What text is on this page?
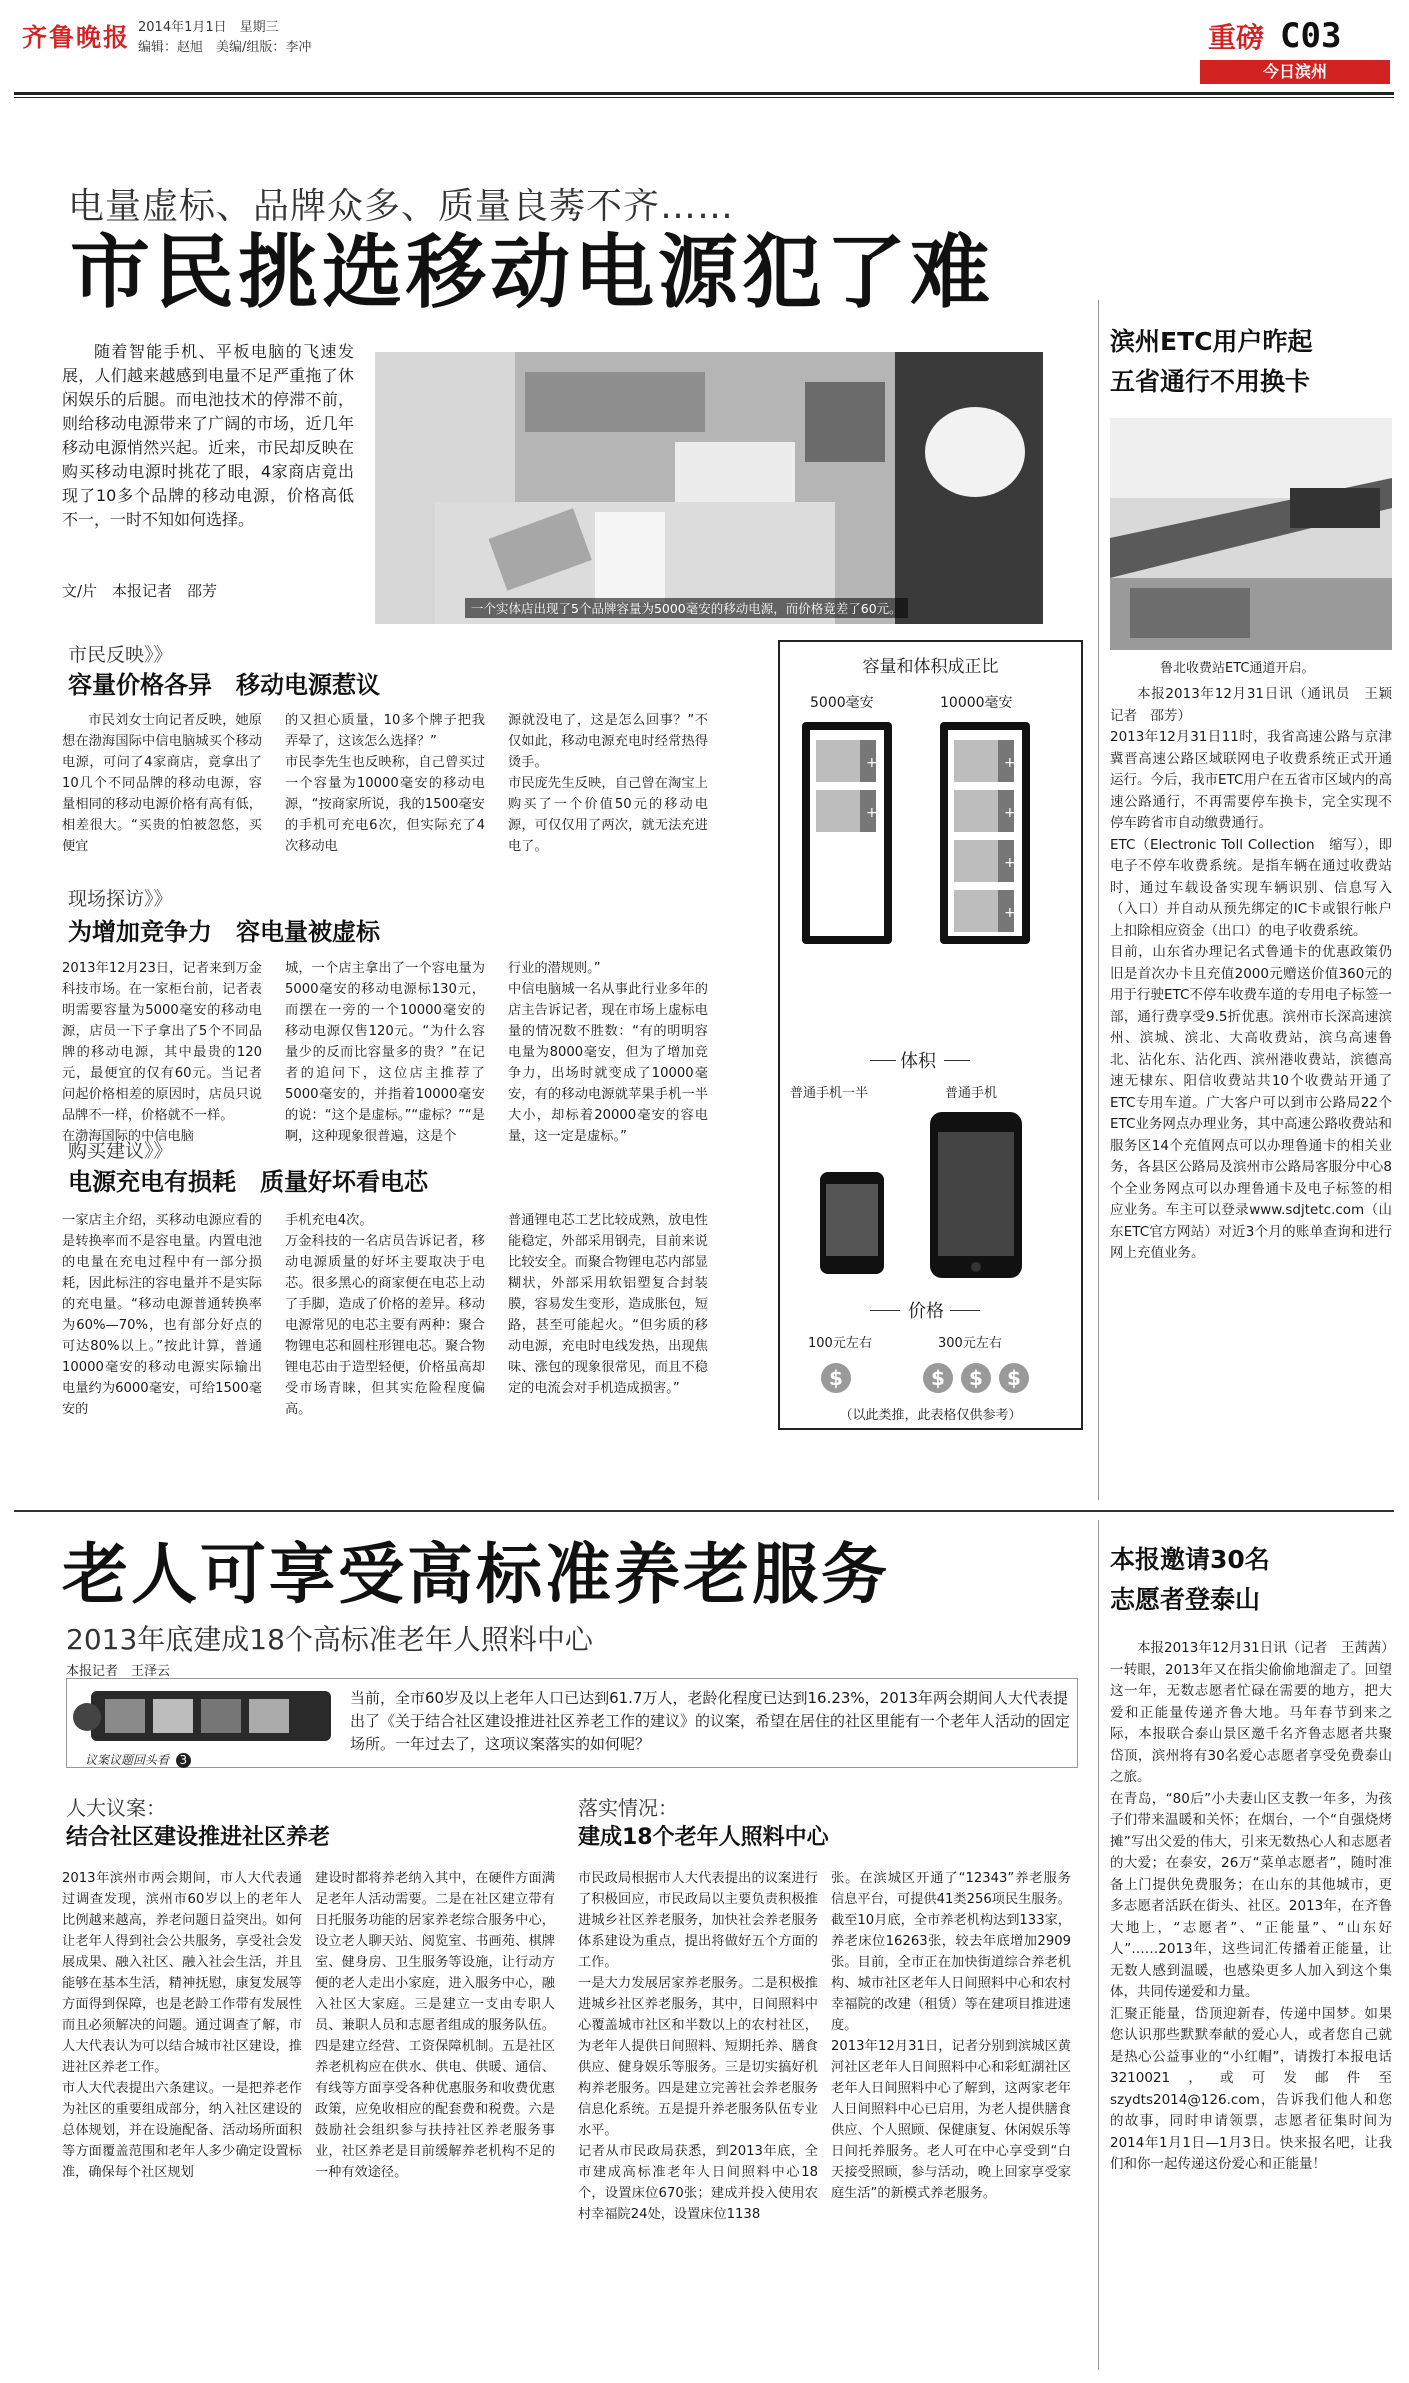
齐鲁晚报 2014年1月1日　星期三
编辑：赵旭　美编/组版：李冲	重磅 C03
今日滨州
电量虚标、品牌众多、质量良莠不齐……
市民挑选移动电源犯了难

随着智能手机、平板电脑的飞速发展，人们越来越感到电量不足严重拖了休闲娱乐的后腿。而电池技术的停滞不前，则给移动电源带来了广阔的市场，近几年移动电源悄然兴起。近来，市民却反映在购买移动电源时挑花了眼，4家商店竟出现了10多个品牌的移动电源，价格高低不一，一时不知如何选择。

文/片　本报记者　邵芳
一个实体店出现了5个品牌容量为5000毫安的移动电源，而价格竟差了60元。
市民反映》》
容量价格各异　移动电源惹议

市民刘女士向记者反映，她原想在渤海国际中信电脑城买个移动电源，可问了4家商店，竟拿出了10几个不同品牌的移动电源，容量相同的移动电源价格有高有低，相差很大。“买贵的怕被忽悠，买便宜

的又担心质量，10多个牌子把我弄晕了，这该怎么选择？”
市民李先生也反映称，自己曾买过一个容量为10000毫安的移动电源，“按商家所说，我的1500毫安的手机可充电6次，但实际充了4次移动电
源就没电了，这是怎么回事？”不仅如此，移动电源充电时经常热得烫手。
市民庞先生反映，自己曾在淘宝上购买了一个价值50元的移动电源，可仅仅用了两次，就无法充进电了。
现场探访》》
为增加竞争力　容电量被虚标
2013年12月23日，记者来到万金科技市场。在一家柜台前，记者表明需要容量为5000毫安的移动电源，店员一下子拿出了5个不同品牌的移动电源，其中最贵的120元，最便宜的仅有60元。当记者问起价格相差的原因时，店员只说品牌不一样，价格就不一样。
在渤海国际的中信电脑
城，一个店主拿出了一个容电量为5000毫安的移动电源标130元，而摆在一旁的一个10000毫安的移动电源仅售120元。“为什么容量少的反而比容量多的贵？”在记者的追问下，这位店主推荐了5000毫安的，并指着10000毫安的说：“这个是虚标。”“虚标？”“是啊，这种现象很普遍，这是个
行业的潜规则。”
中信电脑城一名从事此行业多年的店主告诉记者，现在市场上虚标电量的情况数不胜数：“有的明明容电量为8000毫安，但为了增加竞争力，出场时就变成了10000毫安，有的移动电源就苹果手机一半大小，却标着20000毫安的容电量，这一定是虚标。”
购买建议》》
电源充电有损耗　质量好坏看电芯
一家店主介绍，买移动电源应看的是转换率而不是容电量。内置电池的电量在充电过程中有一部分损耗，因此标注的容电量并不是实际的充电量。“移动电源普通转换率为60%—70%，也有部分好点的可达80%以上。”按此计算，普通10000毫安的移动电源实际输出电量约为6000毫安，可给1500毫安的
手机充电4次。
万金科技的一名店员告诉记者，移动电源质量的好坏主要取决于电芯。很多黑心的商家便在电芯上动了手脚，造成了价格的差异。移动电源常见的电芯主要有两种：聚合物锂电芯和圆柱形锂电芯。聚合物锂电芯由于造型轻便，价格虽高却受市场青睐，但其实危险程度偏高。
普通锂电芯工艺比较成熟，放电性能稳定，外部采用钢壳，目前来说比较安全。而聚合物锂电芯内部显糊状，外部采用软铝塑复合封装膜，容易发生变形，造成胀包，短路，甚至可能起火。“但劣质的移动电源，充电时电线发热，出现焦味、涨包的现象很常见，而且不稳定的电流会对手机造成损害。”
容量和体积成正比
5000毫安	10000毫安
+
+
+
+
+
+
体积
普通手机一半	普通手机
价格
100元左右	300元左右
$	$ $ $
（以此类推，此表格仅供参考）
滨州ETC用户昨起
五省通行不用换卡
鲁北收费站ETC通道开启。

本报2013年12月31日讯（通讯员　王颖　记者　邵芳）

2013年12月31日11时，我省高速公路与京津冀晋高速公路区域联网电子收费系统正式开通运行。今后，我市ETC用户在五省市区域内的高速公路通行，不再需要停车换卡，完全实现不停车跨省市自动缴费通行。
ETC（Electronic Toll Collection　缩写），即电子不停车收费系统。是指车辆在通过收费站时，通过车载设备实现车辆识别、信息写入（入口）并自动从预先绑定的IC卡或银行帐户上扣除相应资金（出口）的电子收费系统。
目前，山东省办理记名式鲁通卡的优惠政策仍旧是首次办卡且充值2000元赠送价值360元的用于行驶ETC不停车收费车道的专用电子标签一部，通行费享受9.5折优惠。滨州市长深高速滨州、滨城、滨北、大高收费站，滨乌高速鲁北、沾化东、沾化西、滨州港收费站，滨德高速无棣东、阳信收费站共10个收费站开通了ETC专用车道。广大客户可以到市公路局22个ETC业务网点办理业务，其中高速公路收费站和服务区14个充值网点可以办理鲁通卡的相关业务，各县区公路局及滨州市公路局客服分中心8个全业务网点可以办理鲁通卡及电子标签的相应业务。车主可以登录www.sdjtetc.com（山东ETC官方网站）对近3个月的账单查询和进行网上充值业务。
老人可享受高标准养老服务
2013年底建成18个高标准老年人照料中心
本报记者　王泽云
议案议题回头看 3
当前，全市60岁及以上老年人口已达到61.7万人，老龄化程度已达到16.23%，2013年两会期间人大代表提出了《关于结合社区建设推进社区养老工作的建议》的议案，希望在居住的社区里能有一个老年人活动的固定场所。一年过去了，这项议案落实的如何呢？
人大议案：
结合社区建设推进社区养老
2013年滨州市两会期间，市人大代表通过调查发现，滨州市60岁以上的老年人比例越来越高，养老问题日益突出。如何让老年人得到社会公共服务，享受社会发展成果、融入社区、融入社会生活，并且能够在基本生活，精神抚慰，康复发展等方面得到保障，也是老龄工作带有发展性而且必须解决的问题。通过调查了解，市人大代表认为可以结合城市社区建设，推进社区养老工作。
市人大代表提出六条建议。一是把养老作为社区的重要组成部分，纳入社区建设的总体规划，并在设施配备、活动场所面积等方面覆盖范围和老年人多少确定设置标准，确保每个社区规划
建设时都将养老纳入其中，在硬件方面满足老年人活动需要。二是在社区建立带有日托服务功能的居家养老综合服务中心，设立老人聊天站、阅览室、书画苑、棋牌室、健身房、卫生服务等设施，让行动方便的老人走出小家庭，进入服务中心，融入社区大家庭。三是建立一支由专职人员、兼职人员和志愿者组成的服务队伍。四是建立经营、工资保障机制。五是社区养老机构应在供水、供电、供暖、通信、有线等方面享受各种优惠服务和收费优惠政策，应免收相应的配套费和税费。六是鼓励社会组织参与扶持社区养老服务事业，社区养老是目前缓解养老机构不足的一种有效途径。
落实情况：
建成18个老年人照料中心
市民政局根据市人大代表提出的议案进行了积极回应，市民政局以主要负责积极推进城乡社区养老服务，加快社会养老服务体系建设为重点，提出将做好五个方面的工作。
一是大力发展居家养老服务。二是积极推进城乡社区养老服务，其中，日间照料中心覆盖城市社区和半数以上的农村社区，为老年人提供日间照料、短期托养、膳食供应、健身娱乐等服务。三是切实搞好机构养老服务。四是建立完善社会养老服务信息化系统。五是提升养老服务队伍专业水平。
记者从市民政局获悉，到2013年底，全市建成高标准老年人日间照料中心18个，设置床位670张；建成并投入使用农村幸福院24处，设置床位1138
张。在滨城区开通了“12343”养老服务信息平台，可提供41类256项民生服务。截至10月底，全市养老机构达到133家，养老床位16263张，较去年底增加2909张。目前，全市正在加快街道综合养老机构、城市社区老年人日间照料中心和农村幸福院的改建（租赁）等在建项目推进速度。
2013年12月31日，记者分别到滨城区黄河社区老年人日间照料中心和彩虹湖社区老年人日间照料中心了解到，这两家老年人日间照料中心已启用，为老人提供膳食供应、个人照顾、保健康复、休闲娱乐等日间托养服务。老人可在中心享受到“白天接受照顾，参与活动，晚上回家享受家庭生活”的新模式养老服务。
本报邀请30名
志愿者登泰山

本报2013年12月31日讯（记者　王茜茜）

一转眼，2013年又在指尖偷偷地溜走了。回望这一年，无数志愿者忙碌在需要的地方，把大爱和正能量传递齐鲁大地。马年春节到来之际，本报联合泰山景区邀千名齐鲁志愿者共聚岱顶，滨州将有30名爱心志愿者享受免费泰山之旅。
在青岛，“80后”小夫妻山区支教一年多，为孩子们带来温暖和关怀；在烟台，一个“自强烧烤摊”写出父爱的伟大，引来无数热心人和志愿者的大爱；在泰安，26万“菜单志愿者”，随时准备上门提供免费服务；在山东的其他城市，更多志愿者活跃在街头、社区。2013年，在齐鲁大地上，“志愿者”、“正能量”、“山东好人”……2013年，这些词汇传播着正能量，让无数人感到温暖，也感染更多人加入到这个集体，共同传递爱和力量。
汇聚正能量，岱顶迎新春，传递中国梦。如果您认识那些默默奉献的爱心人，或者您自己就是热心公益事业的“小红帽”，请拨打本报电话3210021，或可发邮件至szydts2014@126.com，告诉我们他人和您的故事，同时申请领票，志愿者征集时间为2014年1月1日—1月3日。快来报名吧，让我们和你一起传递这份爱心和正能量！
